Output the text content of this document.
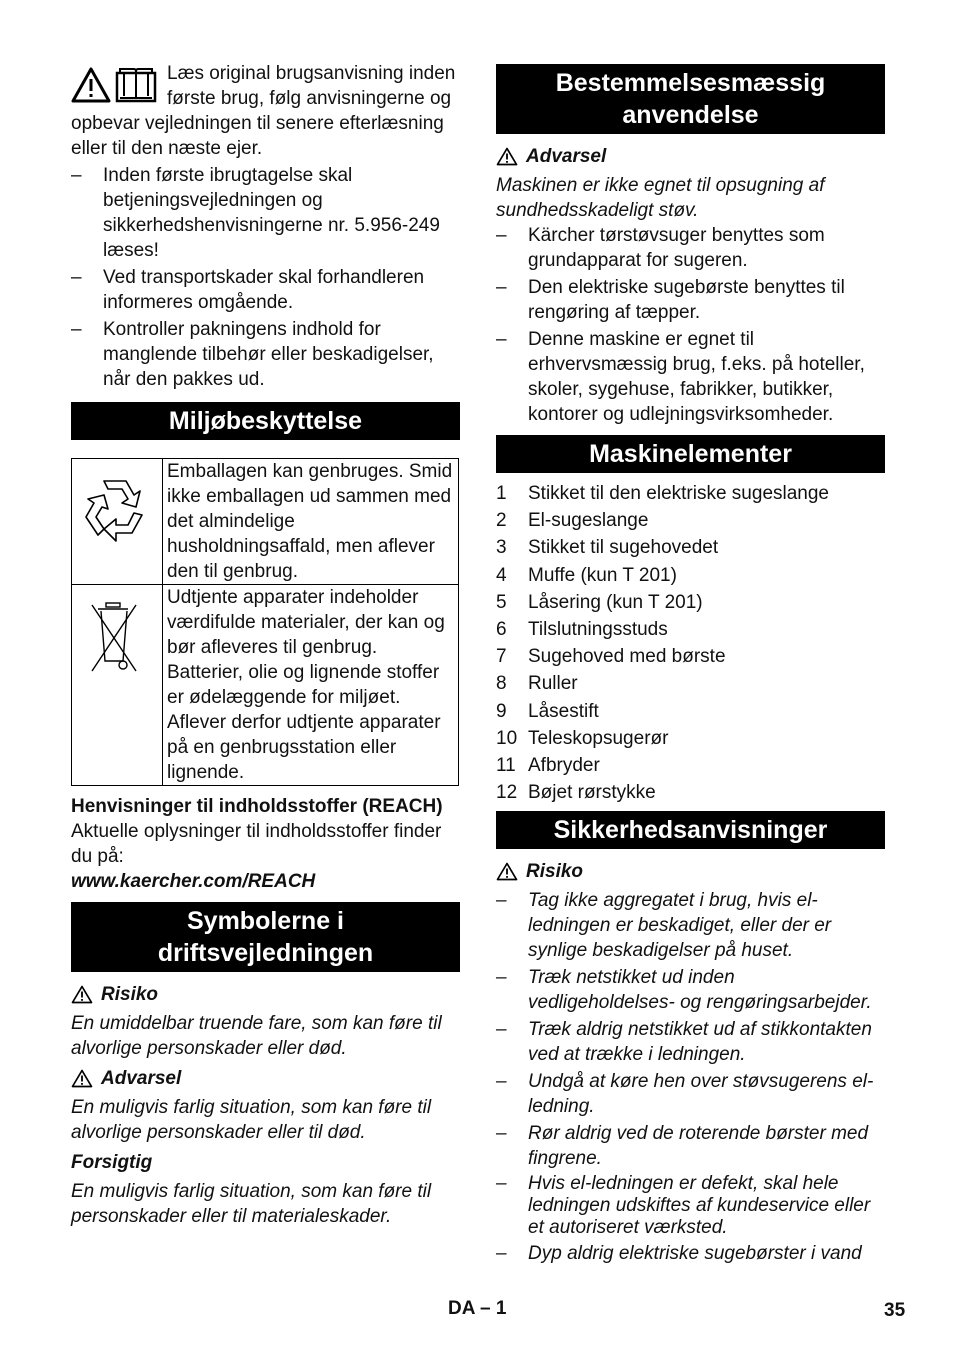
Læs original brugsanvisning inden første brug, følg anvisningerne og opbevar vejledningen til senere efterlæsning eller til den næste ejer.

– Inden første ibrugtagelse skal betjeningsvejledningen og sikkerhedshenvisningerne nr. 5.956-249 læses!
– Ved transportskader skal forhandleren informeres omgående.
– Kontroller pakningens indhold for manglende tilbehør eller beskadigelser, når den pakkes ud.
Miljøbeskyttelse
	Emballagen kan genbruges. Smid ikke emballagen ud sammen med det almindelige husholdningsaffald, men aflever den til genbrug.
	Udtjente apparater indeholder værdifulde materialer, der kan og bør afleveres til genbrug. Batterier, olie og lignende stoffer er ødelæggende for miljøet. Aflever derfor udtjente apparater på en genbrugsstation eller lignende.

Henvisninger til indholdsstoffer (REACH)

Aktuelle oplysninger til indholdsstoffer finder du på:

www.kaercher.com/REACH

Symbolerne i driftsvejledningen

Risiko

En umiddelbar truende fare, som kan føre til alvorlige personskader eller død.

Advarsel

En muligvis farlig situation, som kan føre til alvorlige personskader eller til død.

Forsigtig

En muligvis farlig situation, som kan føre til personskader eller til materialeskader.

Bestemmelsesmæssig anvendelse

Advarsel

Maskinen er ikke egnet til opsugning af sundhedsskadeligt støv.

– Kärcher tørstøvsuger benyttes som grundapparat for sugeren.
– Den elektriske sugebørste benyttes til rengøring af tæpper.
– Denne maskine er egnet til erhvervsmæssig brug, f.eks. på hoteller, skoler, sygehuse, fabrikker, butikker, kontorer og udlejningsvirksomheder.
Maskinelementer
1 Stikket til den elektriske sugeslange
2 El-sugeslange
3 Stikket til sugehovedet
4 Muffe (kun T 201)
5 Låsering (kun T 201)
6 Tilslutningsstuds
7 Sugehoved med børste
8 Ruller
9 Låsestift
10 Teleskopsugerør
11 Afbryder
12 Bøjet rørstykke
Sikkerhedsanvisninger

Risiko

– Tag ikke aggregatet i brug, hvis el-ledningen er beskadiget, eller der er synlige beskadigelser på huset.
– Træk netstikket ud inden vedligeholdelses- og rengøringsarbejder.
– Træk aldrig netstikket ud af stikkontakten ved at trække i ledningen.
– Undgå at køre hen over støvsugerens el-ledning.
– Rør aldrig ved de roterende børster med fingrene.
– Hvis el-ledningen er defekt, skal hele ledningen udskiftes af kundeservice eller et autoriseret værksted.
– Dyp aldrig elektriske sugebørster i vand
DA – 1	35
